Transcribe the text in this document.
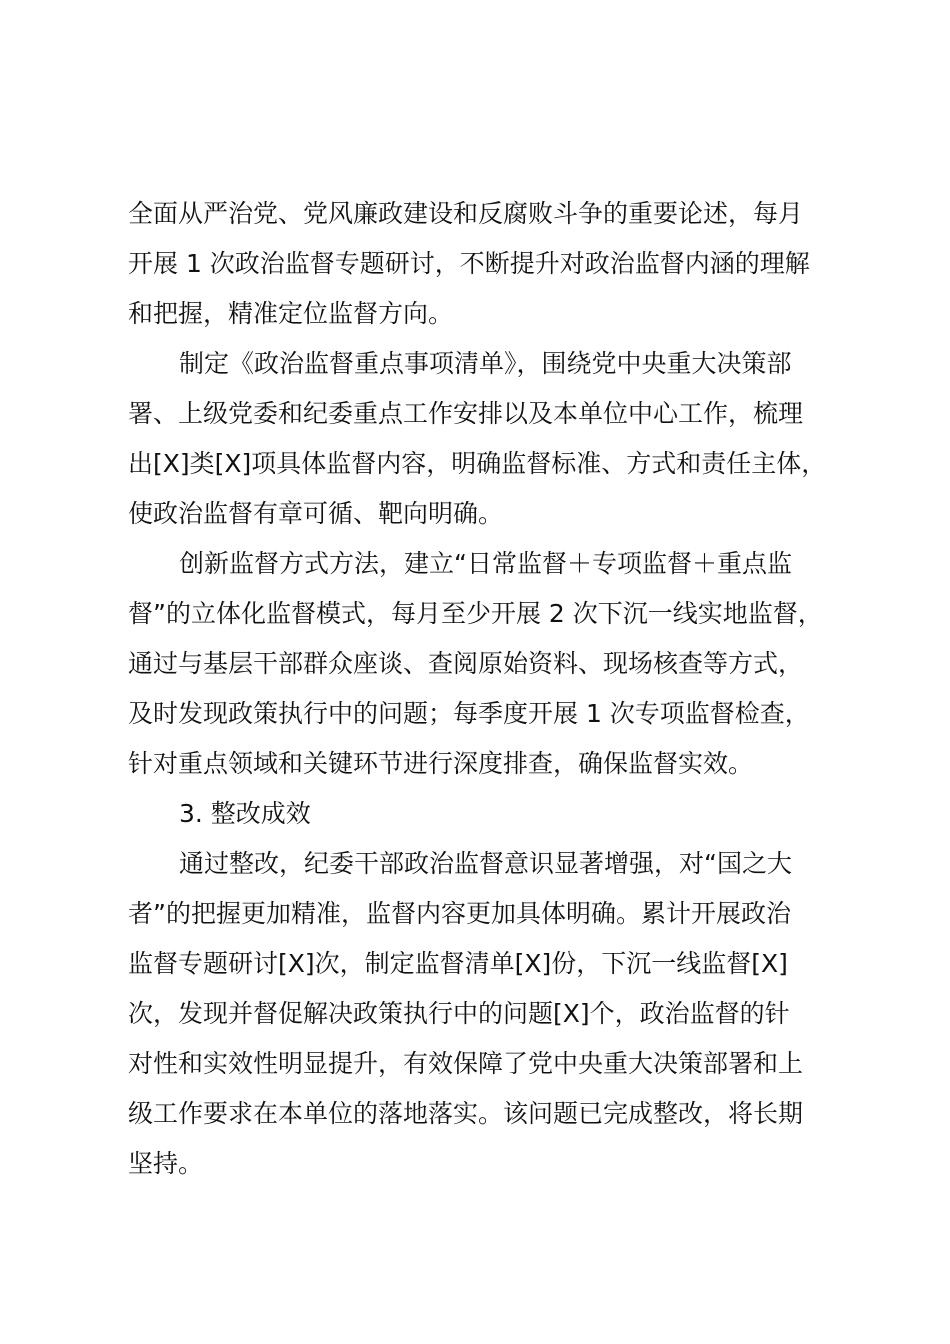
全面从严治党、党风廉政建设和反腐败斗争的重要论述，每月
开展 1 次政治监督专题研讨，不断提升对政治监督内涵的理解
和把握，精准定位监督方向。
制定《政治监督重点事项清单》，围绕党中央重大决策部
署、上级党委和纪委重点工作安排以及本单位中心工作，梳理
出[X]类[X]项具体监督内容，明确监督标准、方式和责任主体，
使政治监督有章可循、靶向明确。
创新监督方式方法，建立“日常监督＋专项监督＋重点监
督”的立体化监督模式，每月至少开展 2 次下沉一线实地监督，
通过与基层干部群众座谈、查阅原始资料、现场核查等方式，
及时发现政策执行中的问题；每季度开展 1 次专项监督检查，
针对重点领域和关键环节进行深度排查，确保监督实效。
3. 整改成效
通过整改，纪委干部政治监督意识显著增强，对“国之大
者”的把握更加精准，监督内容更加具体明确。累计开展政治
监督专题研讨[X]次，制定监督清单[X]份，下沉一线监督[X]
次，发现并督促解决政策执行中的问题[X]个，政治监督的针
对性和实效性明显提升，有效保障了党中央重大决策部署和上
级工作要求在本单位的落地落实。该问题已完成整改，将长期
坚持。
